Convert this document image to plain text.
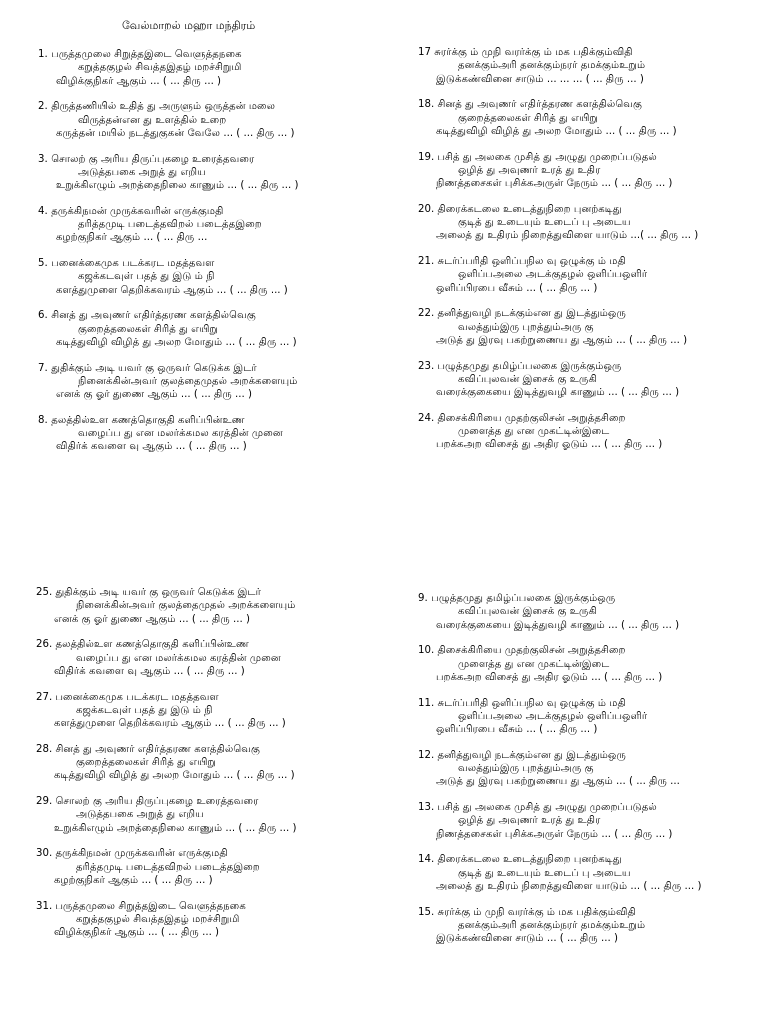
வேல்மாறல் மஹா மந்திரம்
1. பருத்தமுலை சிறுத்தஇடை வெளுத்தநகை
கறுத்தகுழல் சிவத்தஇதழ் மறச்சிறுமி
விழிக்குநிகர் ஆகும் ... ( ... திரு ... )
2. திருத்தணியில் உதித் து அருளும் ஒருத்தன் மலை
விருத்தன்என து உளத்தில் உறை
கருத்தன் மயில் நடத்துகுகன் வேலே ... ( ... திரு ... )
3. சொலற் கு அரிய திருப்புகழை உரைத்தவரை
அடுத்தபகை அறுத் து எறிய
உறுக்கிஎழும் அறத்தைநிலை காணும் ... ( ... திரு ... )
4. தருக்கிநமன் முருக்கவரின் எருக்குமதி
தரித்தமுடி படைத்தவிறல் படைத்தஇறை
கழற்குநிகர் ஆகும் ... ( ... திரு ...
5. பனைக்கைமுக படக்கரட மதத்தவள
கஜக்கடவுள் பதத் து இடு ம் நி
களத்துமுளை தெறிக்கவரம் ஆகும் ... ( ... திரு ... )
6. சினத் து அவுணர் எதிர்த்தரண களத்தில்வெகு
குறைத்தலைகள் சிரித் து எயிறு
கடித்துவிழி விழித் து அலற மோதும் ... ( ... திரு ... )
7. துதிக்கும் அடி யவர் கு ஒருவர் கெடுக்க இடர்
நினைக்கின்அவர் குலத்தைமுதல் அறக்களையும்
எனக் கு ஓர் துணை ஆகும் ... ( ... திரு ... )
8. தலத்தில்உள கணத்தொகுதி களிப்பின்உண
வழைப்ப து என மலர்க்கமல கரத்தின் முனை
விதிர்க் கவளை வு ஆகும் ... ( ... திரு ... )
17 சுரர்க்கு ம் முநி வரர்க்கு ம் மக பதிக்கும்விதி
தனக்கும்அரி தனக்கும்நரர் தமக்கும்உறும்
இடுக்கண்வினை சாடும் ... ... ... ( ... திரு ... )
18. சினத் து அவுணர் எதிர்த்தரண களத்தில்வெகு
குறைத்தலைகள் சிரித் து எயிறு
கடித்துவிழி விழித் து அலற மோதும் ... ( ... திரு ... )
19. பசித் து அலகை முசித் து அழுது முறைப்படுதல்
ஒழித் து அவுணர் உரத் து உதிர
நிணத்தசைகள் புசிக்கஅருள் நேரும் ... ( ... திரு ... )
20. திரைக்கடலை உடைத்துநிறை புனற்கடிது
குடித் து உடையும் உடைப் பு அடைய
அலைத் து உதிரம் நிறைத்துவிளை யாடும் ...( ... திரு ... )
21. சுடர்ப்பரிதி ஒளிப்பநில வு ஒழுக்கு ம் மதி
ஒளிப்பஅலை அடக்குதழல் ஒளிப்பஒளிர்
ஒளிப்பிரபை வீசும் ... ( ... திரு ... )
22. தனித்துவழி நடக்கும்என து இடத்தும்ஒரு
வலத்தும்இரு புறத்தும்அரு கு
அடுத் து இரவு பகற்றுணைய து ஆகும் ... ( ... திரு ... )
23. பழுத்தமுது தமிழ்ப்பலகை இருக்கும்ஒரு
கவிப்புலவன் இசைக் கு உருகி
வரைக்குகையை இடித்துவழி காணும் ... ( ... திரு ... )
24. திசைக்கிரியை முதற்குலிசன் அறுத்தசிறை
முளைத்த து என முகட்டின்இடை
பறக்கஅற விசைத் து அதிர ஓடும் ... ( ... திரு ... )
25. துதிக்கும் அடி யவர் கு ஒருவர் கெடுக்க இடர்
நினைக்கின்அவர் குலத்தைமுதல் அறக்களையும்
எனக் கு ஓர் துணை ஆகும் ... ( ... திரு ... )
26. தலத்தில்உள கணத்தொகுதி களிப்பின்உண
வழைப்ப து என மலர்க்கமல கரத்தின் முனை
விதிர்க் கவளை வு ஆகும் ... ( ... திரு ... )
27. பனைக்கைமுக படக்கரட மதத்தவள
கஜக்கடவுள் பதத் து இடு ம் நி
களத்துமுளை தெறிக்கவரம் ஆகும் ... ( ... திரு ... )
28. சினத் து அவுணர் எதிர்த்தரண களத்தில்வெகு
குறைத்தலைகள் சிரித் து எயிறு
கடித்துவிழி விழித் து அலற மோதும் ... ( ... திரு ... )
29. சொலற் கு அரிய திருப்புகழை உரைத்தவரை
அடுத்தபகை அறுத் து எறிய
உறுக்கிஎழும் அறத்தைநிலை காணும் ... ( ... திரு ... )
30. தருக்கிநமன் முருக்கவரின் எருக்குமதி
தரித்தமுடி படைத்தவிறல் படைத்தஇறை
கழற்குநிகர் ஆகும் ... ( ... திரு ... )
31. பருத்தமுலை சிறுத்தஇடை வெளுத்தநகை
கறுத்தகுழல் சிவத்தஇதழ் மறச்சிறுமி
விழிக்குநிகர் ஆகும் ... ( ... திரு ... )
9. பழுத்தமுது தமிழ்ப்பலகை இருக்கும்ஒரு
கவிப்புலவன் இசைக் கு உருகி
வரைக்குகையை இடித்துவழி காணும் ... ( ... திரு ... )
10. திசைக்கிரியை முதற்குலிசன் அறுத்தசிறை
முளைத்த து என முகட்டின்இடை
பறக்கஅற விசைத் து அதிர ஓடும் ... ( ... திரு ... )
11. சுடர்ப்பரிதி ஒளிப்பநில வு ஒழுக்கு ம் மதி
ஒளிப்பஅலை அடக்குதழல் ஒளிப்பஒளிர்
ஒளிப்பிரபை வீசும் ... ( ... திரு ... )
12. தனித்துவழி நடக்கும்என து இடத்தும்ஒரு
வலத்தும்இரு புறத்தும்அரு கு
அடுத் து இரவு பகற்றுணைய து ஆகும் ... ( ... திரு ...
13. பசித் து அலகை முசித் து அழுது முறைப்படுதல்
ஒழித் து அவுணர் உரத் து உதிர
நிணத்தசைகள் புசிக்கஅருள் நேரும் ... ( ... திரு ... )
14. திரைக்கடலை உடைத்துநிறை புனற்கடிது
குடித் து உடையும் உடைப் பு அடைய
அலைத் து உதிரம் நிறைத்துவிளை யாடும் ... ( ... திரு ... )
15. சுரர்க்கு ம் முநி வரர்க்கு ம் மக பதிக்கும்விதி
தனக்கும்அரி தனக்கும்நரர் தமக்கும்உறும்
இடுக்கண்வினை சாடும் ... ( ... திரு ... )
